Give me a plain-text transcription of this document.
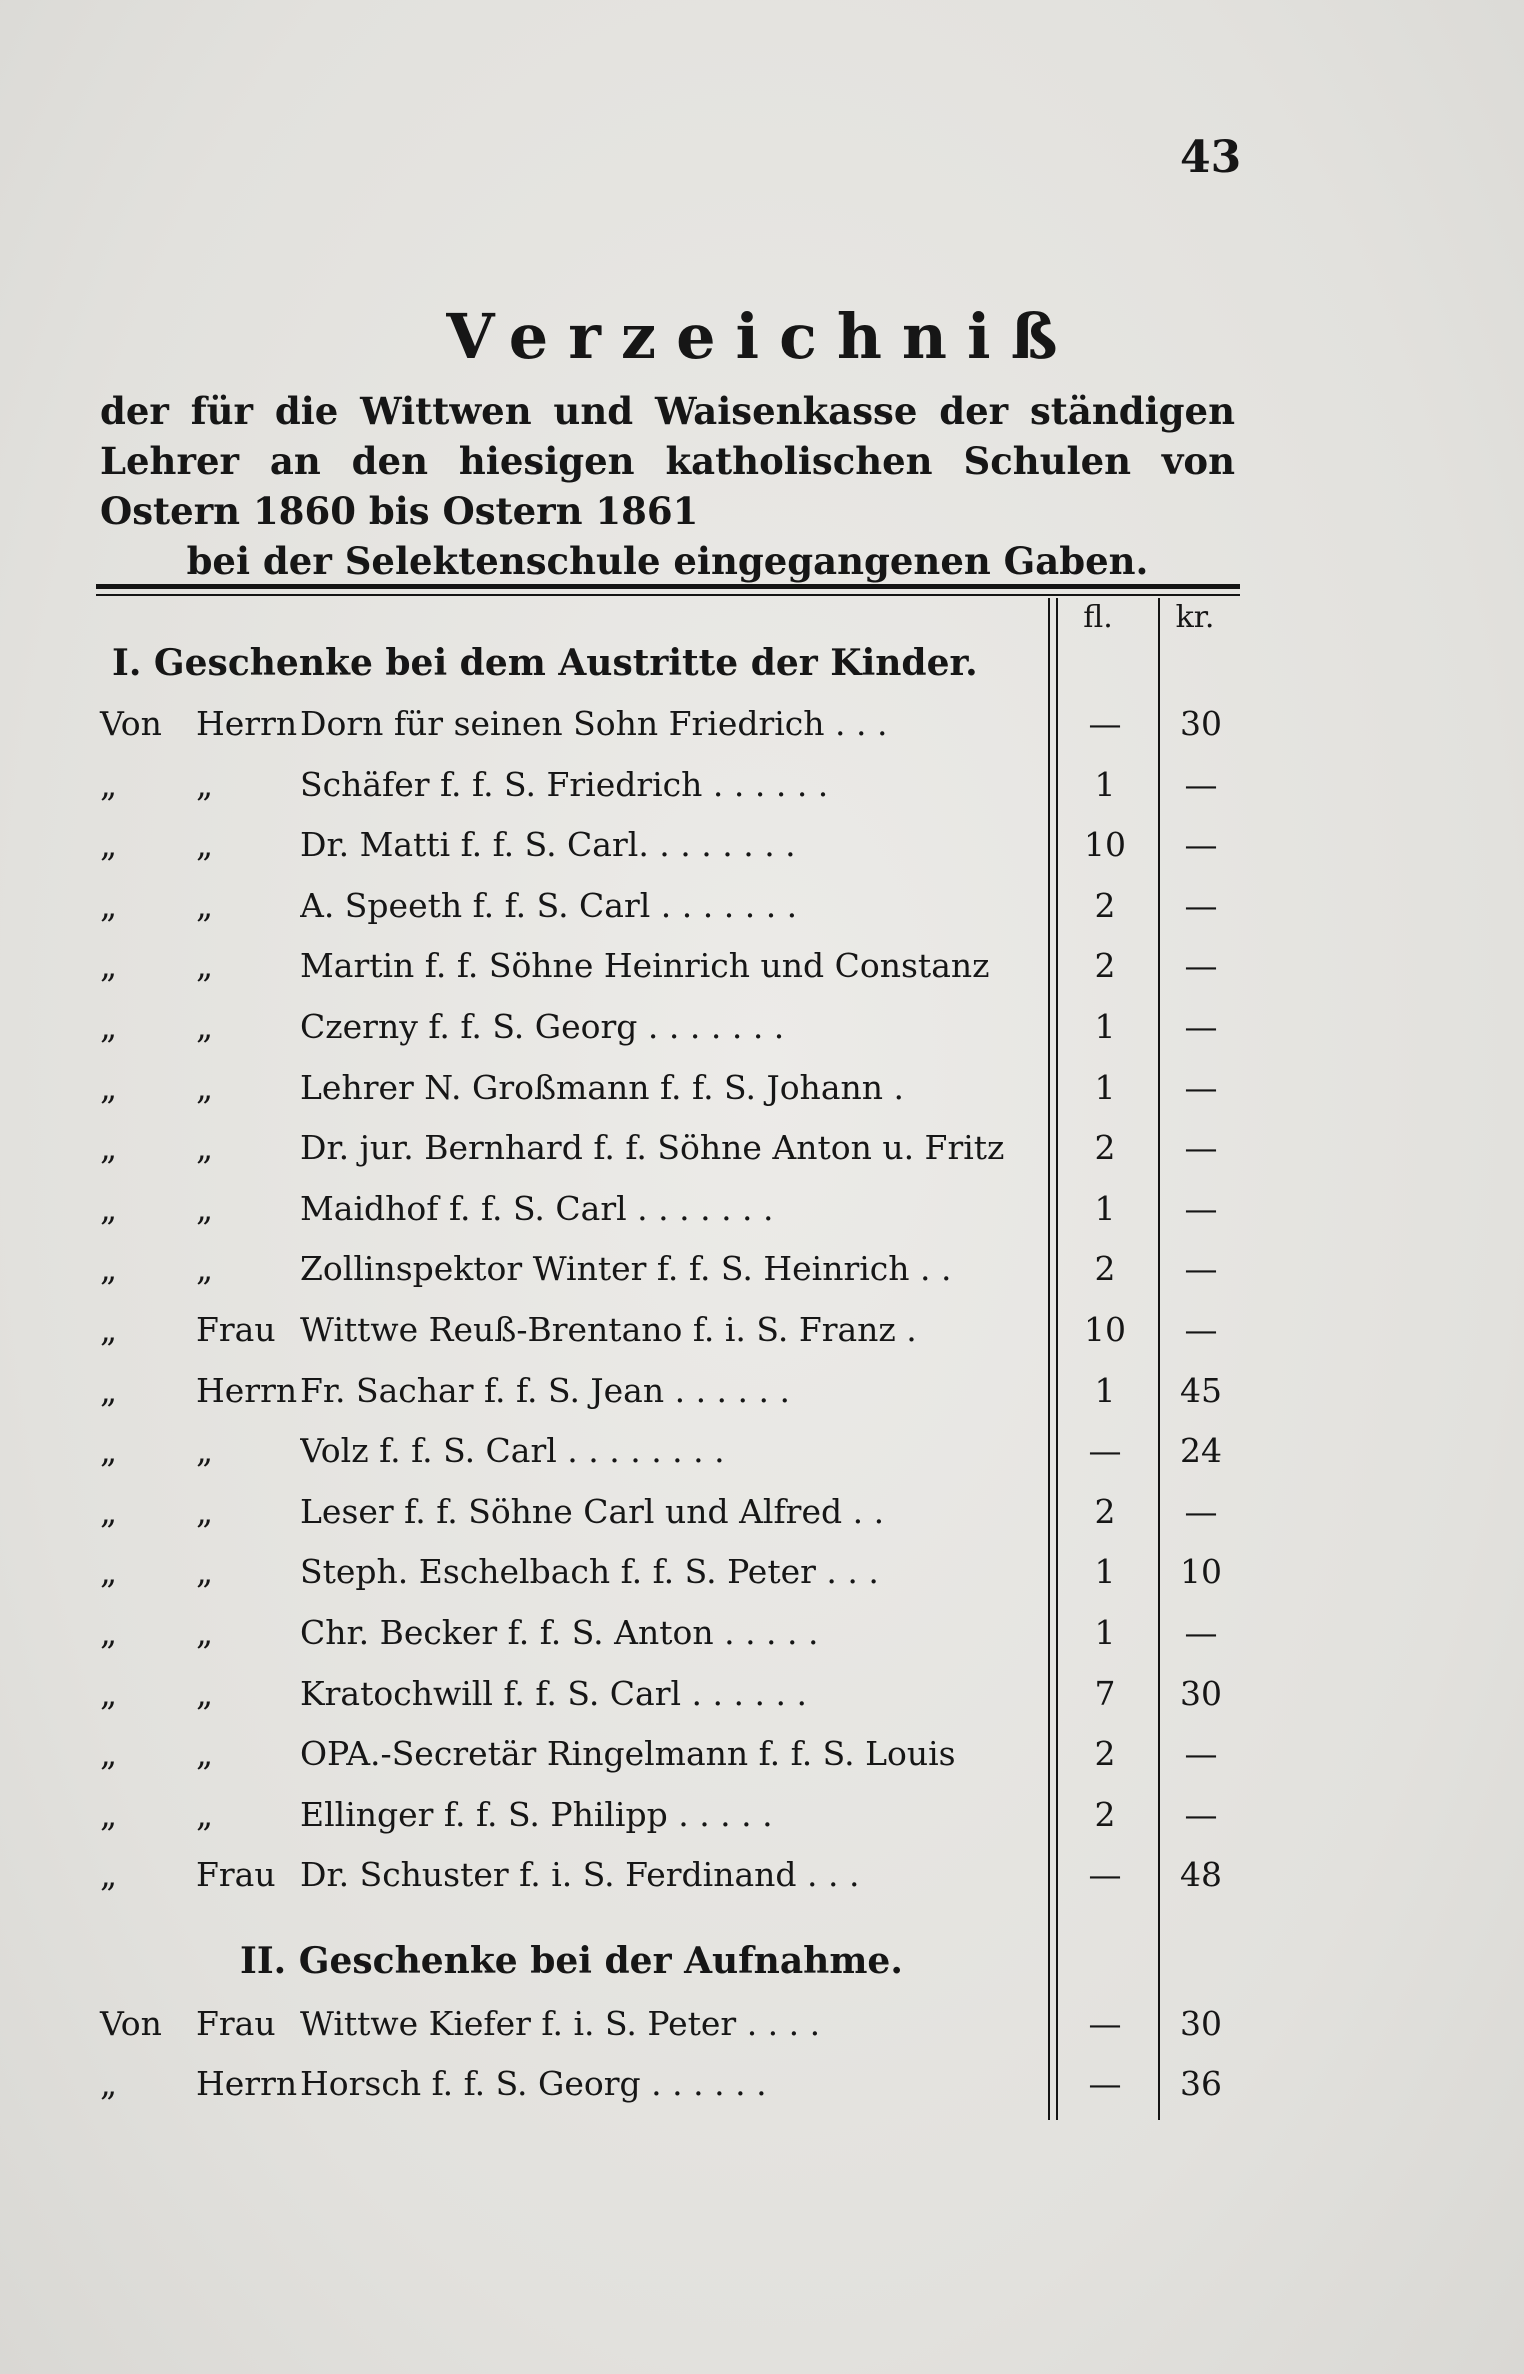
43
Verzeichniß
der für die Wittwen und Waisenkasse der ständigen Lehrer an den hiesigen katholischen Schulen von Ostern 1860 bis Ostern 1861
bei der Selektenschule eingegangenen Gaben.
fl.	kr.
I. Geschenke bei dem Austritte der Kinder.
Von	Herrn Dorn für seinen Sohn Friedrich . . .	—	30
„	„	Schäfer f. f. S. Friedrich . . . . . .	1	—
„	„	Dr. Matti f. f. S. Carl. . . . . . . .	10	—
„	„	A. Speeth f. f. S. Carl . . . . . . .	2	—
„	„	Martin f. f. Söhne Heinrich und Constanz	2	—
„	„	Czerny f. f. S. Georg . . . . . . .	1	—
„	„	Lehrer N. Großmann f. f. S. Johann .	1	—
„	„	Dr. jur. Bernhard f. f. Söhne Anton u. Fritz	2	—
„	„	Maidhof f. f. S. Carl . . . . . . .	1	—
„	„	Zollinspektor Winter f. f. S. Heinrich . .	2	—
„	Frau Wittwe Reuß-Brentano f. i. S. Franz .	10	—
„	Herrn Fr. Sachar f. f. S. Jean . . . . . .	1	45
„	„	Volz f. f. S. Carl . . . . . . . .	—	24
„	„	Leser f. f. Söhne Carl und Alfred . .	2	—
„	„	Steph. Eschelbach f. f. S. Peter . . .	1	10
„	„	Chr. Becker f. f. S. Anton . . . . .	1	—
„	„	Kratochwill f. f. S. Carl . . . . . .	7	30
„	„	OPA.-Secretär Ringelmann f. f. S. Louis	2	—
„	„	Ellinger f. f. S. Philipp . . . . .	2	—
„	Frau Dr. Schuster f. i. S. Ferdinand . . .	—	48
II. Geschenke bei der Aufnahme.
Von	Frau Wittwe Kiefer f. i. S. Peter . . . .	—	30
„	Herrn Horsch f. f. S. Georg . . . . . .	—	36
